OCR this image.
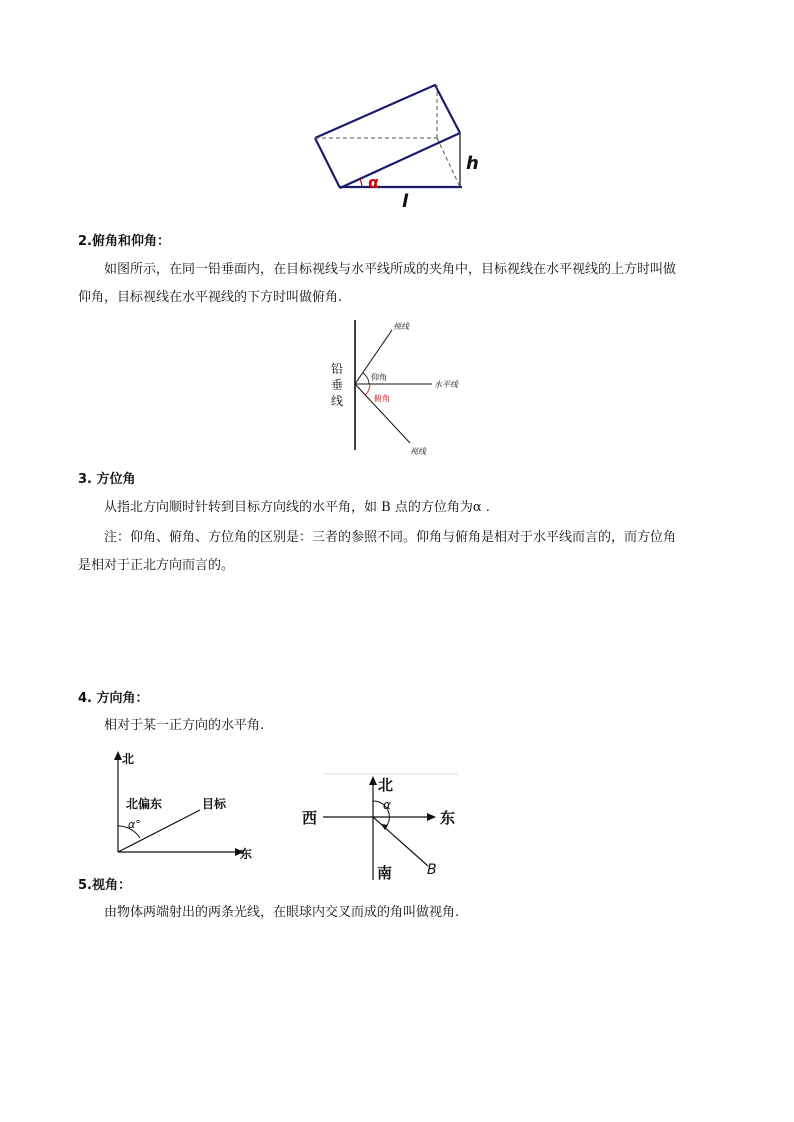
h
α
l
2.俯角和仰角：
如图所示，在同一铅垂面内，在目标视线与水平线所成的夹角中，目标视线在水平视线的上方时叫做
仰角，目标视线在水平视线的下方时叫做俯角.
铅
垂
线
视线
仰角
水平线
俯角
视线
3. 方位角
从指北方向顺时针转到目标方向线的水平角，如 B 点的方位角为α .
注：仰角、俯角、方位角的区别是：三者的参照不同。仰角与俯角是相对于水平线而言的，而方位角
是相对于正北方向而言的。
4. 方向角：
相对于某一正方向的水平角.
北
北偏东	目标
α°
东
西
北
α
东
南 B
5.视角：
由物体两端射出的两条光线，在眼球内交叉而成的角叫做视角.
